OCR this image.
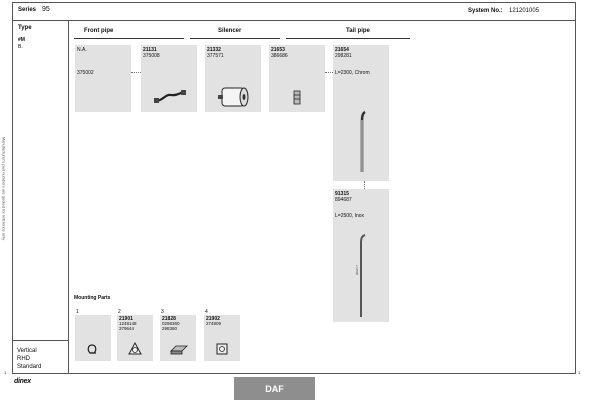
Series 95	System No.: 121201005
Type
#M
B.
Vertical
RHD
Standard
Manufacturer's part numbers are quoted for reference only
Front pipe	Silencer	Tail pipe
N.A.
375002
21131
375008
21332
377571
21653
386686
21654
298281
L=2300, Chrom
91315
894687
L=2500, Inox
L=2500
Mounting Parts
1	2
21901
1248148
379644
3
21828
0298360
298360
4
21902
274809
dinex
1	1
DAF
